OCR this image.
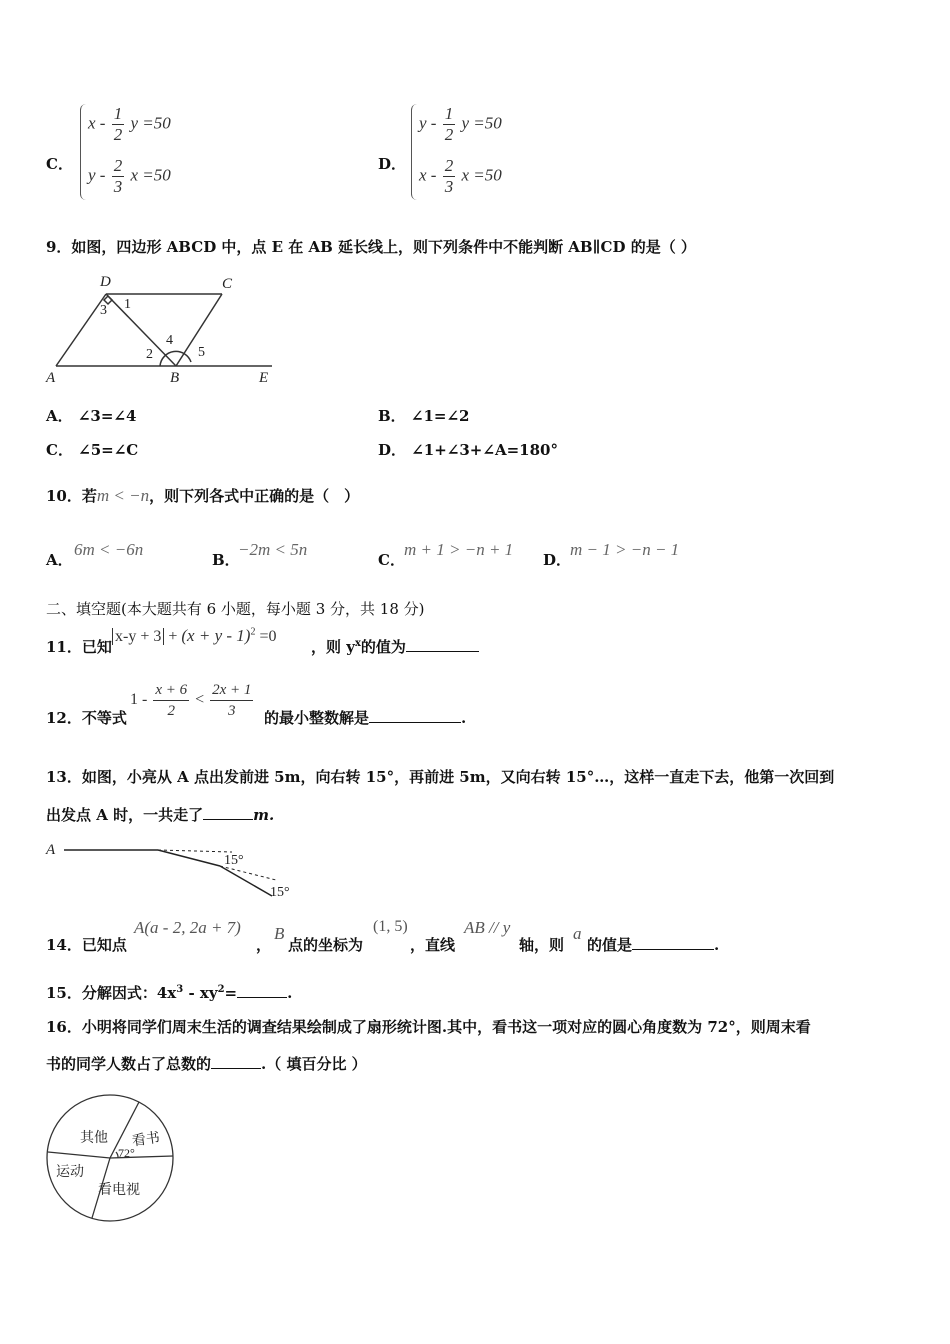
C．
x - $\frac{1}{2}$ y =50
y - $\frac{2}{3}$ x =50
D．
y - $\frac{1}{2}$ y =50
x - $\frac{2}{3}$ x =50
9．如图，四边形 ABCD 中，点 E 在 AB 延长线上，则下列条件中不能判断 AB∥CD 的是（ ）
D	C
A	B	E
1
3
2
4
5
A． ∠3=∠4	B． ∠1=∠2
C． ∠5=∠C	D． ∠1+∠3+∠A=180°
10．若m < −n，则下列各式中正确的是（　）
A．
6m < −6n
B．
−2m < 5n
C．
m + 1 > −n + 1
D．
m − 1 > −n − 1
二、填空题(本大题共有 6 小题，每小题 3 分，共 18 分)
11．已知
$x-y + 3 + (x + y - 1)^2 =0$
，则 $y^x$的值为
12．不等式
$1 - \frac{x + 6}{2} < \frac{2x + 1}{3}$ 的最小整数解是	.
13．如图，小亮从 A 点出发前进 5m，向右转 15°，再前进 5m，又向右转 15°…，这样一直走下去，他第一次回到
出发点 A 时，一共走了	m.
A
15°
15°
14．已知点
A(a - 2, 2a + 7)
，
B
点的坐标为
(1, 5)
，直线
AB // y
轴，则
a
的值是	.
15．分解因式：$4x^3 - xy^2=$	.
16．小明将同学们周末生活的调查结果绘制成了扇形统计图.其中，看书这一项对应的圆心角度数为 72°，则周末看
书的同学人数占了总数的	.（ 填百分比 ）
其他 看书
72°
运动
看电视
